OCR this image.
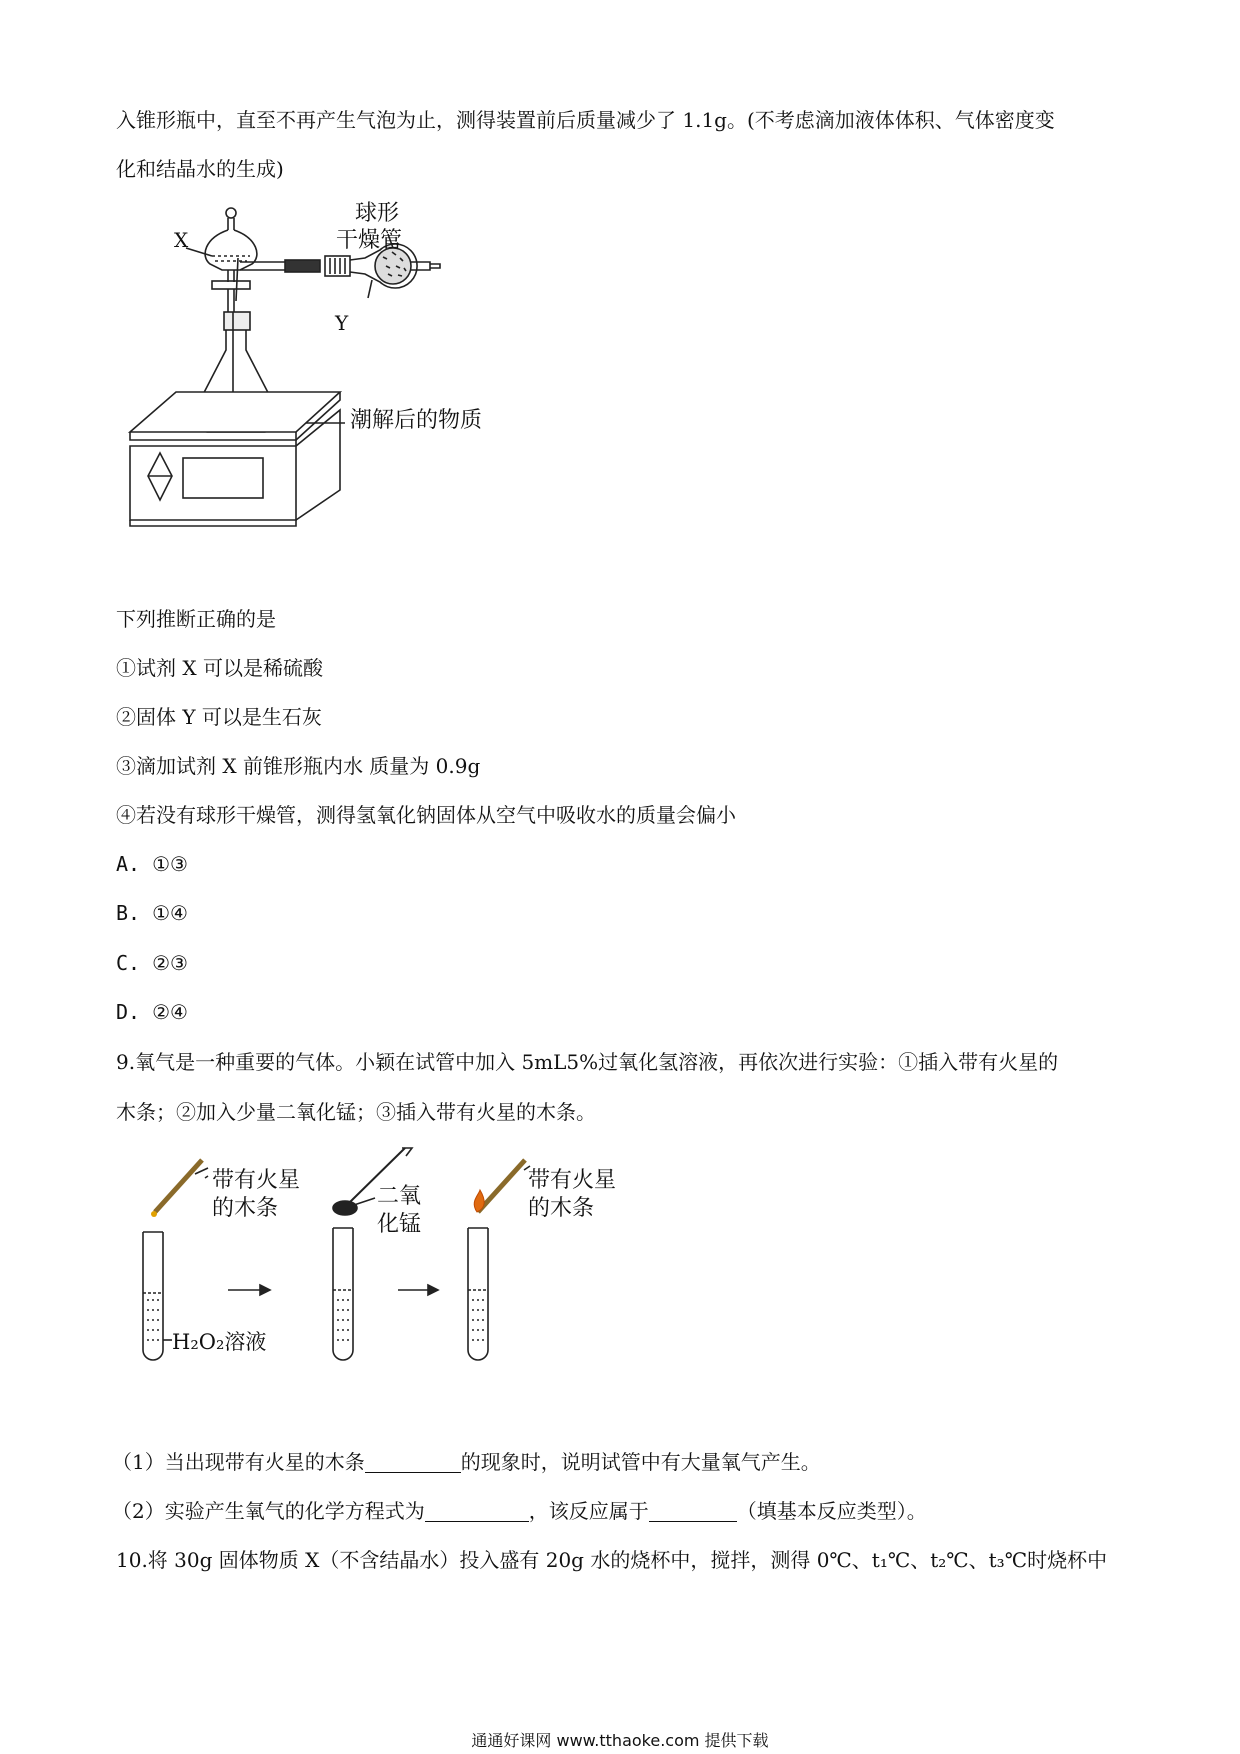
入锥形瓶中，直至不再产生气泡为止，测得装置前后质量减少了 1.1g。(不考虑滴加液体体积、气体密度变
化和结晶水的生成)
X
球形
干燥管
Y
潮解后的物质
下列推断正确的是
①试剂 X 可以是稀硫酸
②固体 Y 可以是生石灰
③滴加试剂 X 前锥形瓶内水 质量为 0.9g
④若没有球形干燥管，测得氢氧化钠固体从空气中吸收水的质量会偏小
A. ①③
B. ①④
C. ②③
D. ②④
9.氧气是一种重要的气体。小颖在试管中加入 5mL5%过氧化氢溶液，再依次进行实验：①插入带有火星的
木条；②加入少量二氧化锰；③插入带有火星的木条。
带有火星
的木条	二氧
化锰
带有火星
的木条
H₂O₂溶液
（1）当出现带有火星的木条	的现象时，说明试管中有大量氧气产生。
（2）实验产生氧气的化学方程式为	，该反应属于	（填基本反应类型）。
10.将 30g 固体物质 X（不含结晶水）投入盛有 20g 水的烧杯中，搅拌，测得 0℃、t₁℃、t₂℃、t₃℃时烧杯中
通通好课网 www.tthaoke.com 提供下载
